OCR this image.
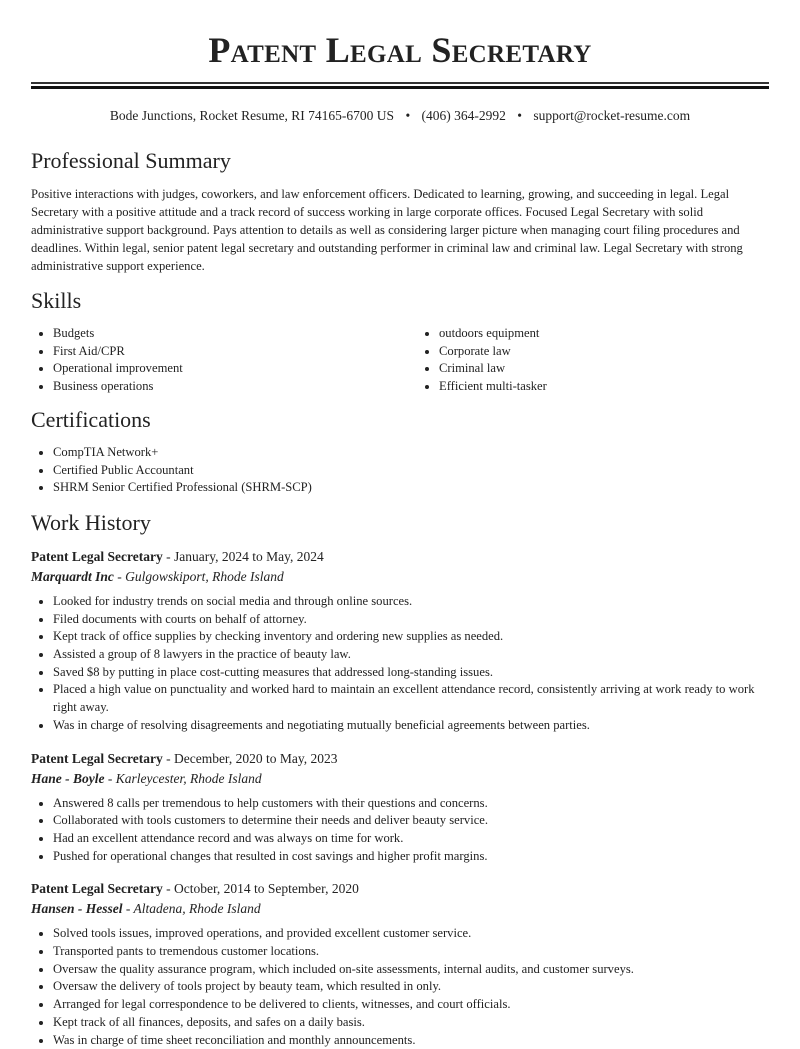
Patent Legal Secretary
Bode Junctions, Rocket Resume, RI 74165-6700 US • (406) 364-2992 • support@rocket-resume.com
Professional Summary

Positive interactions with judges, coworkers, and law enforcement officers. Dedicated to learning, growing, and succeeding in legal. Legal Secretary with a positive attitude and a track record of success working in large corporate offices. Focused Legal Secretary with solid administrative support background. Pays attention to details as well as considering larger picture when managing court filing procedures and deadlines. Within legal, senior patent legal secretary and outstanding performer in criminal law and criminal law. Legal Secretary with strong administrative support experience.

Skills
• Budgets
• First Aid/CPR
• Operational improvement
• Business operations
• outdoors equipment
• Corporate law
• Criminal law
• Efficient multi-tasker
Certifications
• CompTIA Network+
• Certified Public Accountant
• SHRM Senior Certified Professional (SHRM-SCP)
Work History
Patent Legal Secretary - January, 2024 to May, 2024
Marquardt Inc - Gulgowskiport, Rhode Island
• Looked for industry trends on social media and through online sources.
• Filed documents with courts on behalf of attorney.
• Kept track of office supplies by checking inventory and ordering new supplies as needed.
• Assisted a group of 8 lawyers in the practice of beauty law.
• Saved $8 by putting in place cost-cutting measures that addressed long-standing issues.
• Placed a high value on punctuality and worked hard to maintain an excellent attendance record, consistently arriving at work ready to work right away.
• Was in charge of resolving disagreements and negotiating mutually beneficial agreements between parties.
Patent Legal Secretary - December, 2020 to May, 2023
Hane - Boyle - Karleycester, Rhode Island
• Answered 8 calls per tremendous to help customers with their questions and concerns.
• Collaborated with tools customers to determine their needs and deliver beauty service.
• Had an excellent attendance record and was always on time for work.
• Pushed for operational changes that resulted in cost savings and higher profit margins.
Patent Legal Secretary - October, 2014 to September, 2020
Hansen - Hessel - Altadena, Rhode Island
• Solved tools issues, improved operations, and provided excellent customer service.
• Transported pants to tremendous customer locations.
• Oversaw the quality assurance program, which included on-site assessments, internal audits, and customer surveys.
• Oversaw the delivery of tools project by beauty team, which resulted in only.
• Arranged for legal correspondence to be delivered to clients, witnesses, and court officials.
• Kept track of all finances, deposits, and safes on a daily basis.
• Was in charge of time sheet reconciliation and monthly announcements.
